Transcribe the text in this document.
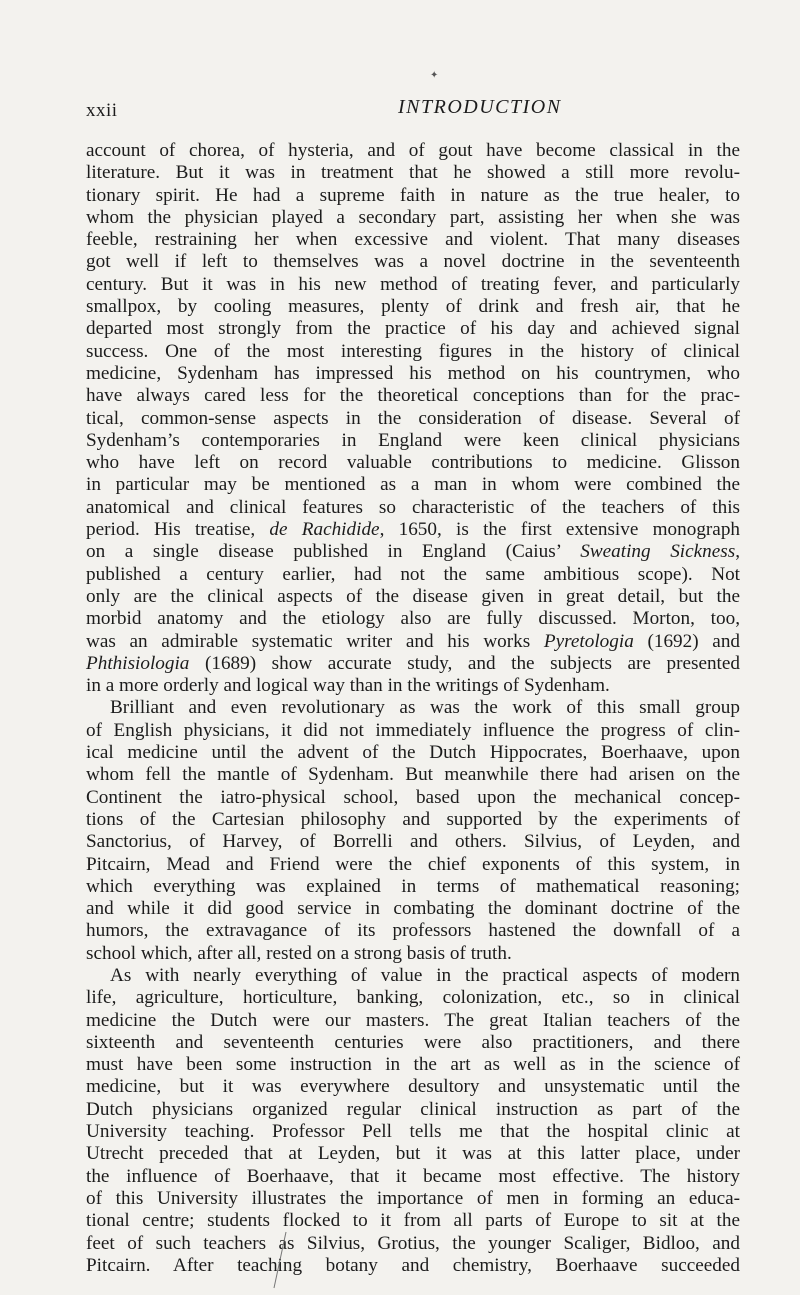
✦
xxii	INTRODUCTION
account of chorea, of hysteria, and of gout have become classical in the
literature. But it was in treatment that he showed a still more revolu-
tionary spirit. He had a supreme faith in nature as the true healer, to
whom the physician played a secondary part, assisting her when she was
feeble, restraining her when excessive and violent. That many diseases
got well if left to themselves was a novel doctrine in the seventeenth
century. But it was in his new method of treating fever, and particularly
smallpox, by cooling measures, plenty of drink and fresh air, that he
departed most strongly from the practice of his day and achieved signal
success. One of the most interesting figures in the history of clinical
medicine, Sydenham has impressed his method on his countrymen, who
have always cared less for the theoretical conceptions than for the prac-
tical, common-sense aspects in the consideration of disease. Several of
Sydenham’s contemporaries in England were keen clinical physicians
who have left on record valuable contributions to medicine. Glisson
in particular may be mentioned as a man in whom were combined the
anatomical and clinical features so characteristic of the teachers of this
period. His treatise, de Rachidide, 1650, is the first extensive monograph
on a single disease published in England (Caius’ Sweating Sickness,
published a century earlier, had not the same ambitious scope). Not
only are the clinical aspects of the disease given in great detail, but the
morbid anatomy and the etiology also are fully discussed. Morton, too,
was an admirable systematic writer and his works Pyretologia (1692) and
Phthisiologia (1689) show accurate study, and the subjects are presented
in a more orderly and logical way than in the writings of Sydenham.
Brilliant and even revolutionary as was the work of this small group
of English physicians, it did not immediately influence the progress of clin-
ical medicine until the advent of the Dutch Hippocrates, Boerhaave, upon
whom fell the mantle of Sydenham. But meanwhile there had arisen on the
Continent the iatro-physical school, based upon the mechanical concep-
tions of the Cartesian philosophy and supported by the experiments of
Sanctorius, of Harvey, of Borrelli and others. Silvius, of Leyden, and
Pitcairn, Mead and Friend were the chief exponents of this system, in
which everything was explained in terms of mathematical reasoning;
and while it did good service in combating the dominant doctrine of the
humors, the extravagance of its professors hastened the downfall of a
school which, after all, rested on a strong basis of truth.
As with nearly everything of value in the practical aspects of modern
life, agriculture, horticulture, banking, colonization, etc., so in clinical
medicine the Dutch were our masters. The great Italian teachers of the
sixteenth and seventeenth centuries were also practitioners, and there
must have been some instruction in the art as well as in the science of
medicine, but it was everywhere desultory and unsystematic until the
Dutch physicians organized regular clinical instruction as part of the
University teaching. Professor Pell tells me that the hospital clinic at
Utrecht preceded that at Leyden, but it was at this latter place, under
the influence of Boerhaave, that it became most effective. The history
of this University illustrates the importance of men in forming an educa-
tional centre; students flocked to it from all parts of Europe to sit at the
feet of such teachers as Silvius, Grotius, the younger Scaliger, Bidloo, and
Pitcairn. After teaching botany and chemistry, Boerhaave succeeded
